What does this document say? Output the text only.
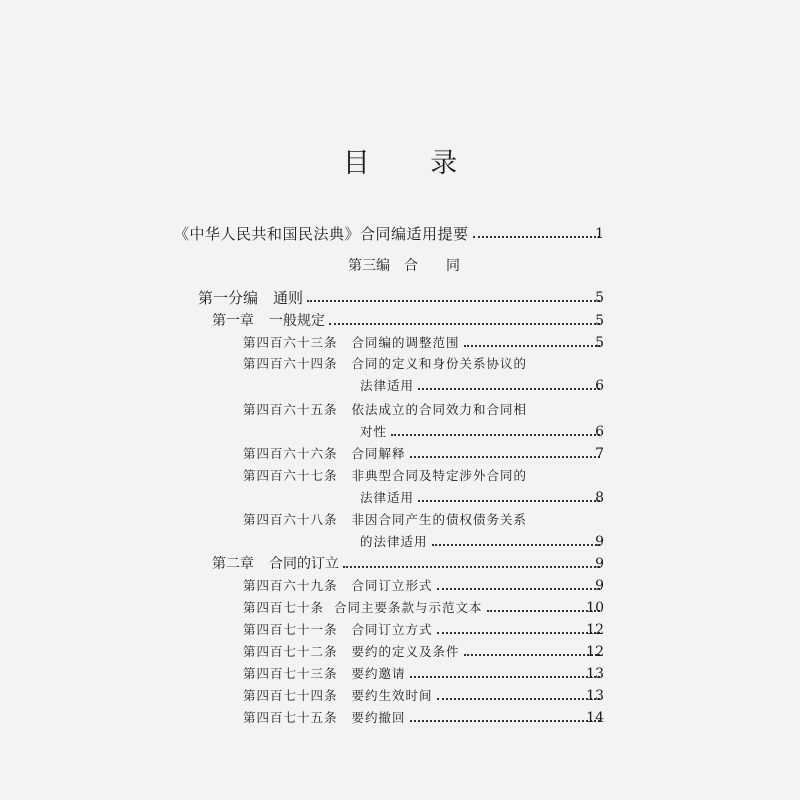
目 录
《中华人民共和国民法典》合同编适用提要	1
第三编　合　　同
第一分编 通则	5
第一章 一般规定	5
第四百六十三条 合同编的调整范围	5
第四百六十四条 合同的定义和身份关系协议的
法律适用	6
第四百六十五条 依法成立的合同效力和合同相
对性	6
第四百六十六条 合同解释	7
第四百六十七条 非典型合同及特定涉外合同的
法律适用	8
第四百六十八条 非因合同产生的债权债务关系
的法律适用	9
第二章 合同的订立	9
第四百六十九条 合同订立形式	9
第四百七十条 合同主要条款与示范文本	10
第四百七十一条 合同订立方式	12
第四百七十二条 要约的定义及条件	12
第四百七十三条 要约邀请	13
第四百七十四条 要约生效时间	13
第四百七十五条 要约撤回	14
